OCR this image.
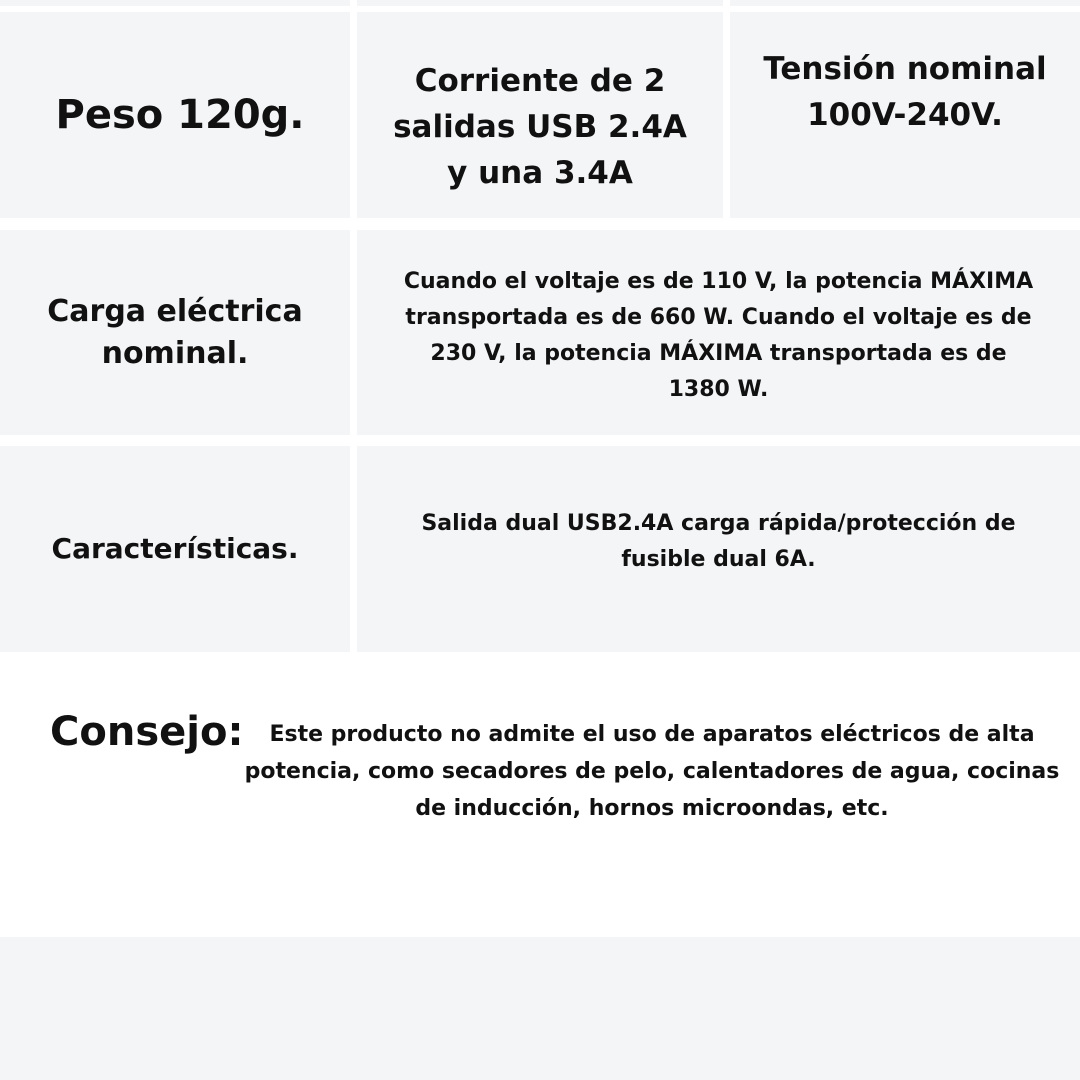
Peso 120g.
Corriente de 2 salidas USB 2.4A y una 3.4A
Tensión nominal 100V-240V.
Carga eléctrica nominal.
Cuando el voltaje es de 110 V, la potencia MÁXIMA transportada es de 660 W. Cuando el voltaje es de 230 V, la potencia MÁXIMA transportada es de 1380 W.
Características.
Salida dual USB2.4A carga rápida/protección de fusible dual 6A.
Consejo:	Este producto no admite el uso de aparatos eléctricos de alta potencia, como secadores de pelo, calentadores de agua, cocinas de inducción, hornos microondas, etc.
